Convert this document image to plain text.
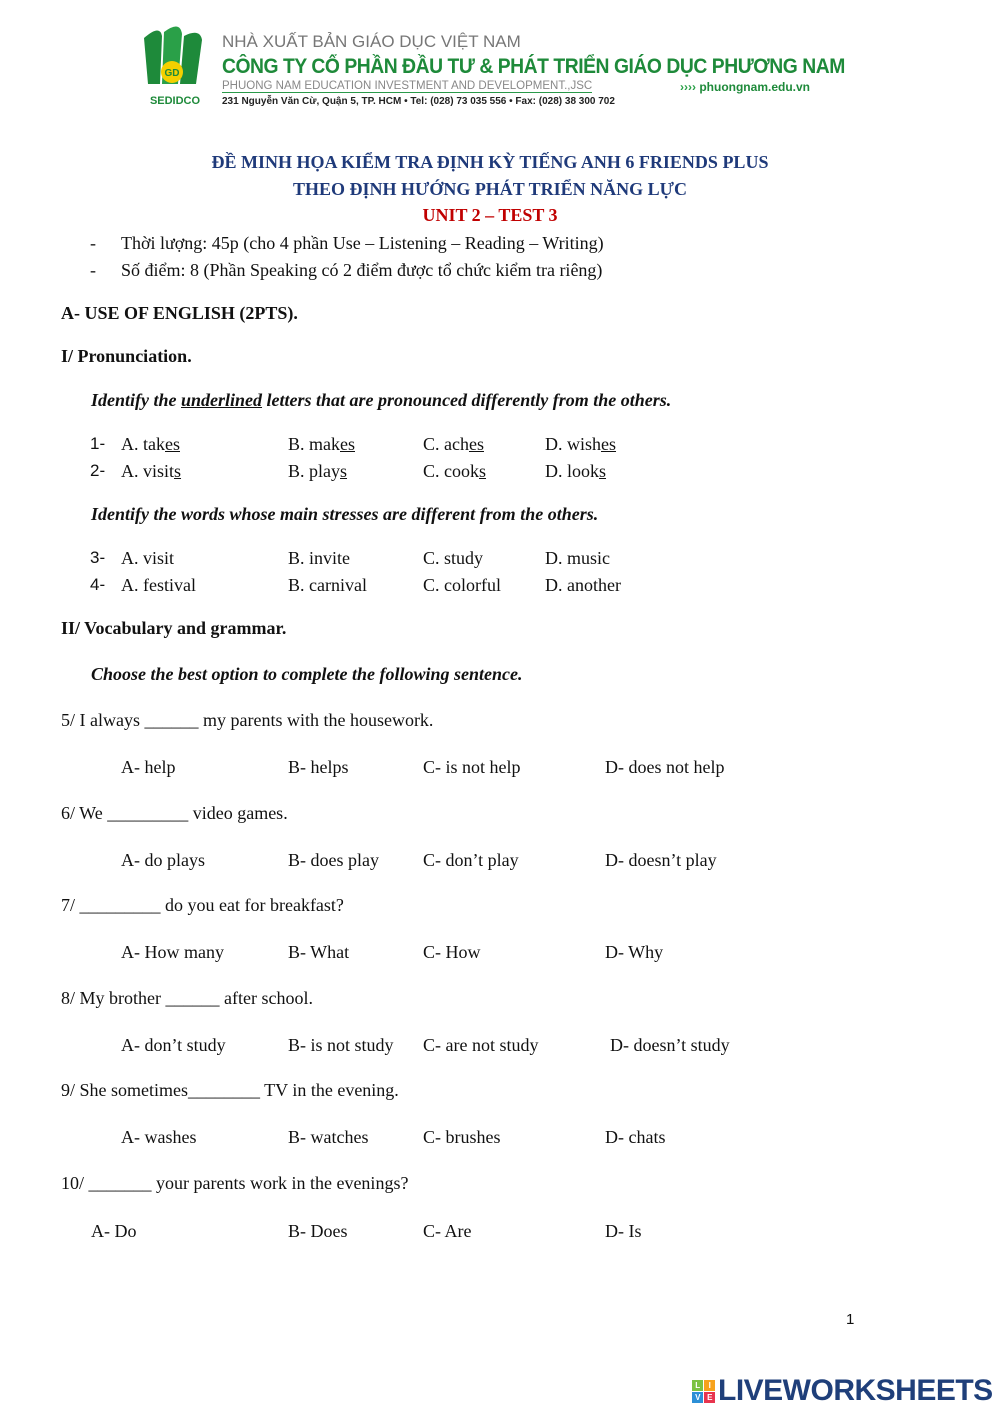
GD
SEDIDCO
NHÀ XUẤT BẢN GIÁO DỤC VIỆT NAM
CÔNG TY CỔ PHẦN ĐẦU TƯ & PHÁT TRIỂN GIÁO DỤC PHƯƠNG NAM
PHUONG NAM EDUCATION INVESTMENT AND DEVELOPMENT.,JSC
231 Nguyễn Văn Cừ, Quận 5, TP. HCM • Tel: (028) 73 035 556 • Fax: (028) 38 300 702
›››› phuongnam.edu.vn
ĐỀ MINH HỌA KIỂM TRA ĐỊNH KỲ TIẾNG ANH 6 FRIENDS PLUS
THEO ĐỊNH HƯỚNG PHÁT TRIỂN NĂNG LỰC
UNIT 2 – TEST 3
- Thời lượng: 45p (cho 4 phần Use – Listening – Reading – Writing)
- Số điểm: 8 (Phần Speaking có 2 điểm được tổ chức kiểm tra riêng)
A- USE OF ENGLISH (2PTS).
I/ Pronunciation.
Identify the underlined letters that are pronounced differently from the others.
Identify the words whose main stresses are different from the others.
II/ Vocabulary and grammar.
Choose the best option to complete the following sentence.
1
L	I
V E LIVEWORKSHEETS
1- A. takes	B. makes	C. aches	D. wishes
2- A. visits	B. plays	C. cooks	D. looks
3- A. visit	B. invite	C. study	D. music
4- A. festival	B. carnival	C. colorful D. another
5/ I always ______ my parents with the housework.
A- help	B- helps	C- is not help	D- does not help
6/ We _________ video games.
A- do plays	B- does play C- don’t play	D- doesn’t play
7/ _________ do you eat for breakfast?
A- How many	B- What	C- How	D- Why
8/ My brother ______ after school.
A- don’t study	B- is not study C- are not study	D- doesn’t study
9/ She sometimes________ TV in the evening.
A- washes	B- watches	C- brushes	D- chats
10/ _______ your parents work in the evenings?
A- Do	B- Does	C- Are	D- Is
